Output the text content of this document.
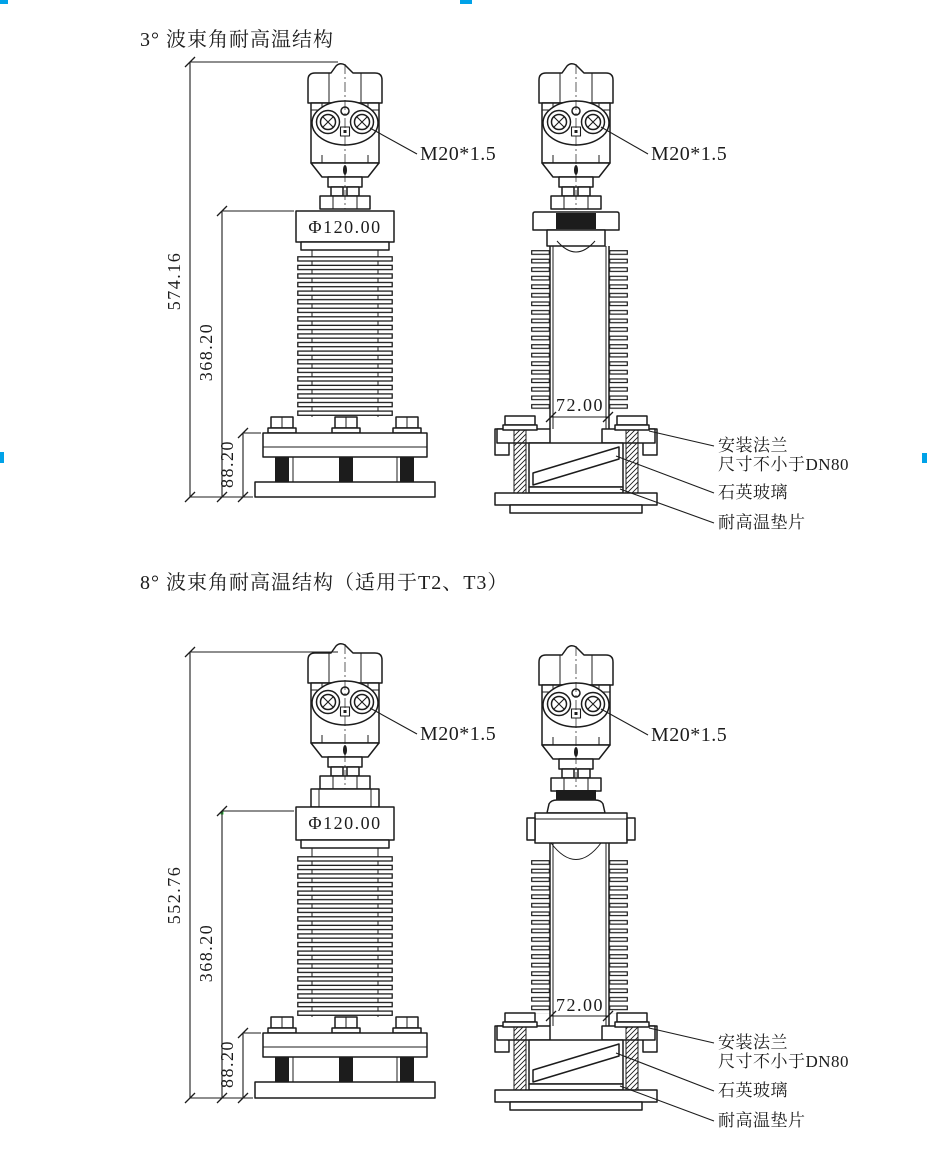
3° 波束角耐高温结构
8° 波束角耐高温结构（适用于T2、T3）
574.16
368.20
88.20
Φ120.00
M20*1.5	M20*1.5
72.00
安装法兰
尺寸不小于DN80
石英玻璃
耐高温垫片
552.76
368.20
88.20
Φ120.00
M20*1.5	M20*1.5
72.00
安装法兰
尺寸不小于DN80
石英玻璃
耐高温垫片
